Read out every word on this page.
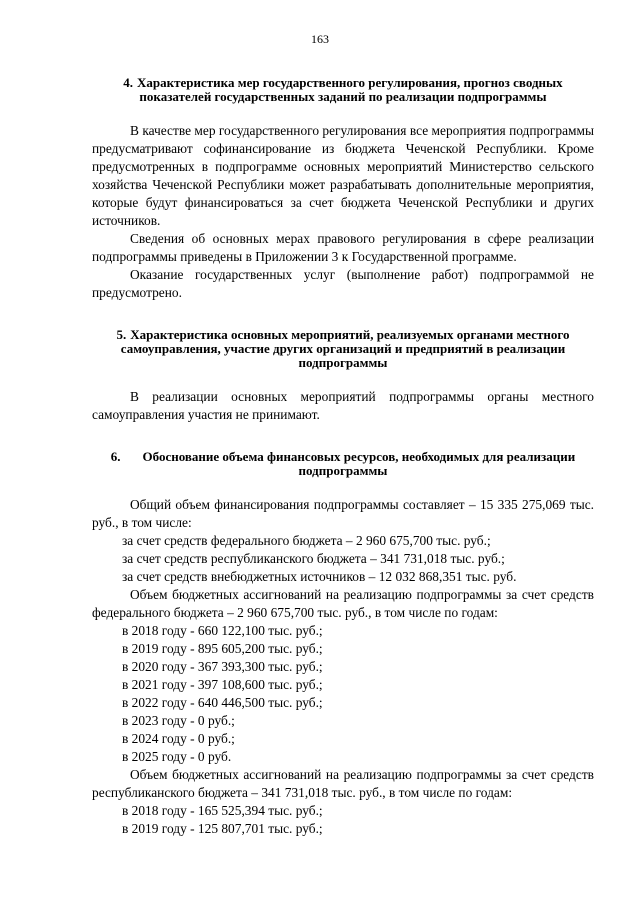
163
4. Характеристика мер государственного регулирования, прогноз сводных показателей государственных заданий по реализации подпрограммы

В качестве мер государственного регулирования все мероприятия подпрограммы предусматривают софинансирование из бюджета Чеченской Республики. Кроме предусмотренных в подпрограмме основных мероприятий Министерство сельского хозяйства Чеченской Республики может разрабатывать дополнительные мероприятия, которые будут финансироваться за счет бюджета Чеченской Республики и других источников.

Сведения об основных мерах правового регулирования в сфере реализации подпрограммы приведены в Приложении 3 к Государственной программе.

Оказание государственных услуг (выполнение работ) подпрограммой не предусмотрено.

5. Характеристика основных мероприятий, реализуемых органами местного самоуправления, участие других организаций и предприятий в реализации подпрограммы

В реализации основных мероприятий подпрограммы органы местного самоуправления участия не принимают.

6. Обоснование объема финансовых ресурсов, необходимых для реализации подпрограммы

Общий объем финансирования подпрограммы составляет – 15 335 275,069 тыс. руб., в том числе:

за счет средств федерального бюджета – 2 960 675,700 тыс. руб.;
за счет средств республиканского бюджета – 341 731,018 тыс. руб.;
за счет средств внебюджетных источников – 12 032 868,351 тыс. руб.

Объем бюджетных ассигнований на реализацию подпрограммы за счет средств федерального бюджета – 2 960 675,700 тыс. руб., в том числе по годам:

в 2018 году - 660 122,100 тыс. руб.;
в 2019 году - 895 605,200 тыс. руб.;
в 2020 году - 367 393,300 тыс. руб.;
в 2021 году - 397 108,600 тыс. руб.;
в 2022 году - 640 446,500 тыс. руб.;
в 2023 году - 0 руб.;
в 2024 году - 0 руб.;
в 2025 году - 0 руб.

Объем бюджетных ассигнований на реализацию подпрограммы за счет средств республиканского бюджета – 341 731,018 тыс. руб., в том числе по годам:

в 2018 году - 165 525,394 тыс. руб.;
в 2019 году - 125 807,701 тыс. руб.;
